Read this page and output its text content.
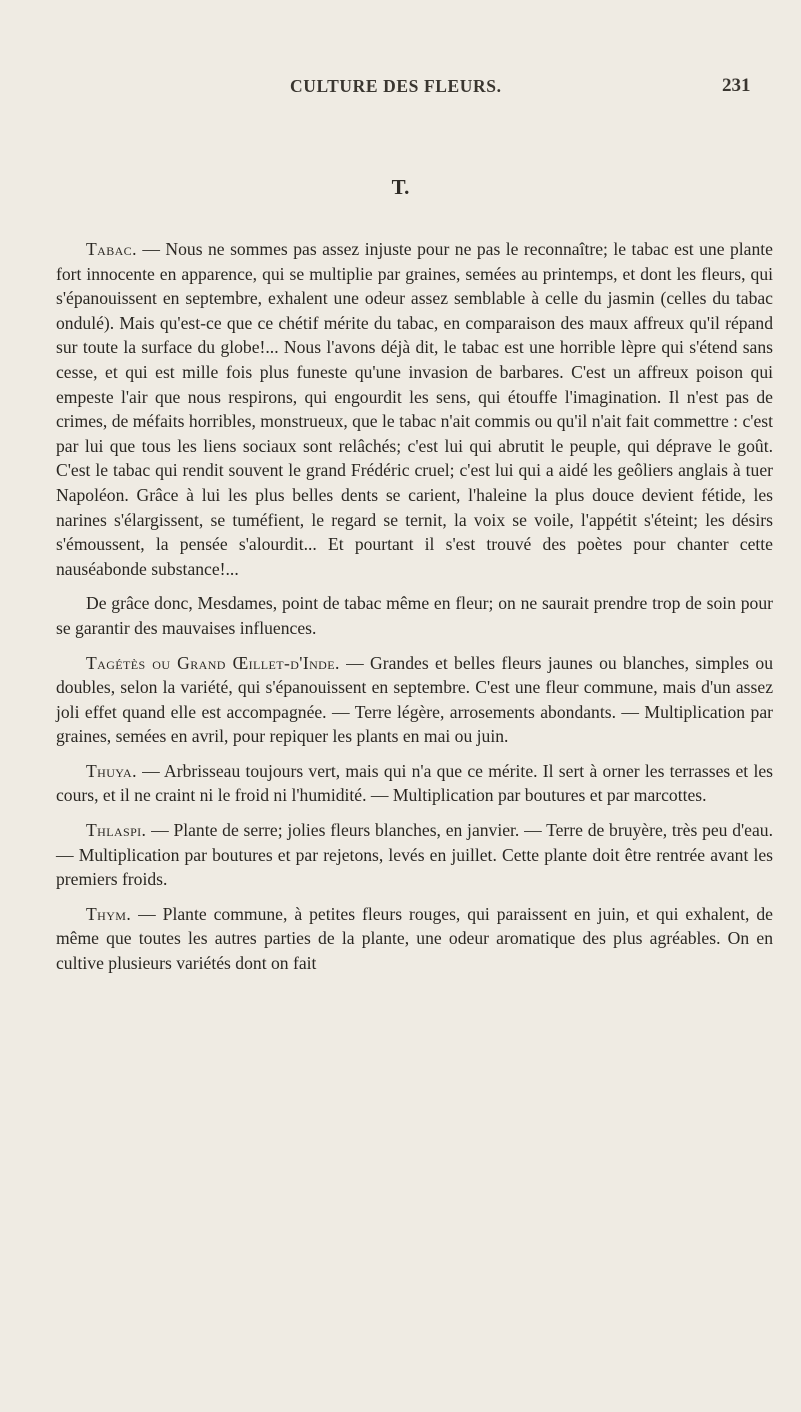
CULTURE DES FLEURS.	231
T.

Tabac. — Nous ne sommes pas assez injuste pour ne pas le reconnaître; le tabac est une plante fort innocente en apparence, qui se multiplie par graines, semées au printemps, et dont les fleurs, qui s'épanouissent en septembre, exhalent une odeur assez semblable à celle du jasmin (celles du tabac ondulé). Mais qu'est-ce que ce chétif mérite du tabac, en comparaison des maux affreux qu'il répand sur toute la surface du globe!... Nous l'avons déjà dit, le tabac est une horrible lèpre qui s'étend sans cesse, et qui est mille fois plus funeste qu'une invasion de barbares. C'est un affreux poison qui empeste l'air que nous respirons, qui engourdit les sens, qui étouffe l'imagination. Il n'est pas de crimes, de méfaits horribles, monstrueux, que le tabac n'ait commis ou qu'il n'ait fait commettre : c'est par lui que tous les liens sociaux sont relâchés; c'est lui qui abrutit le peuple, qui déprave le goût. C'est le tabac qui rendit souvent le grand Frédéric cruel; c'est lui qui a aidé les geôliers anglais à tuer Napoléon. Grâce à lui les plus belles dents se carient, l'haleine la plus douce devient fétide, les narines s'élargissent, se tuméfient, le regard se ternit, la voix se voile, l'appétit s'éteint; les désirs s'émoussent, la pensée s'alourdit... Et pourtant il s'est trouvé des poètes pour chanter cette nauséabonde substance!...

De grâce donc, Mesdames, point de tabac même en fleur; on ne saurait prendre trop de soin pour se garantir des mauvaises influences.

Tagétès ou Grand Œillet-d'Inde. — Grandes et belles fleurs jaunes ou blanches, simples ou doubles, selon la variété, qui s'épanouissent en septembre. C'est une fleur commune, mais d'un assez joli effet quand elle est accompagnée. — Terre légère, arrosements abondants. — Multiplication par graines, semées en avril, pour repiquer les plants en mai ou juin.

Thuya. — Arbrisseau toujours vert, mais qui n'a que ce mérite. Il sert à orner les terrasses et les cours, et il ne craint ni le froid ni l'humidité. — Multiplication par boutures et par marcottes.

Thlaspi. — Plante de serre; jolies fleurs blanches, en janvier. — Terre de bruyère, très peu d'eau. — Multiplication par boutures et par rejetons, levés en juillet. Cette plante doit être rentrée avant les premiers froids.

Thym. — Plante commune, à petites fleurs rouges, qui paraissent en juin, et qui exhalent, de même que toutes les autres parties de la plante, une odeur aromatique des plus agréables. On en cultive plusieurs variétés dont on fait
